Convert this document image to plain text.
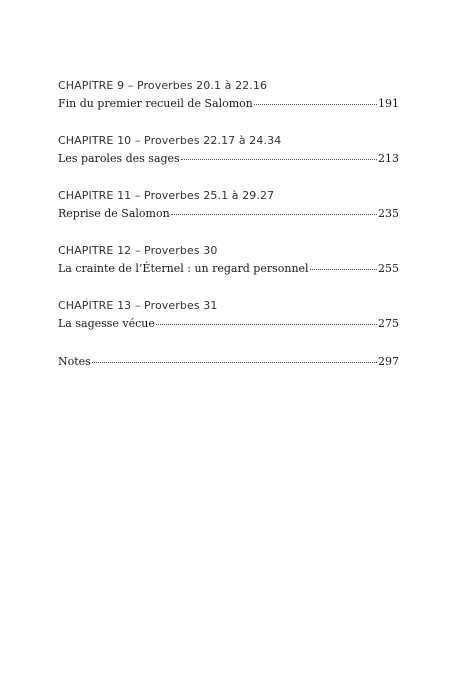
CHAPITRE 9 – Proverbes 20.1 à 22.16
Fin du premier recueil de Salomon	191
CHAPITRE 10 – Proverbes 22.17 à 24.34
Les paroles des sages	213
CHAPITRE 11 – Proverbes 25.1 à 29.27
Reprise de Salomon	235
CHAPITRE 12 – Proverbes 30
La crainte de l’Éternel : un regard personnel	255
CHAPITRE 13 – Proverbes 31
La sagesse vécue	275
Notes	297
